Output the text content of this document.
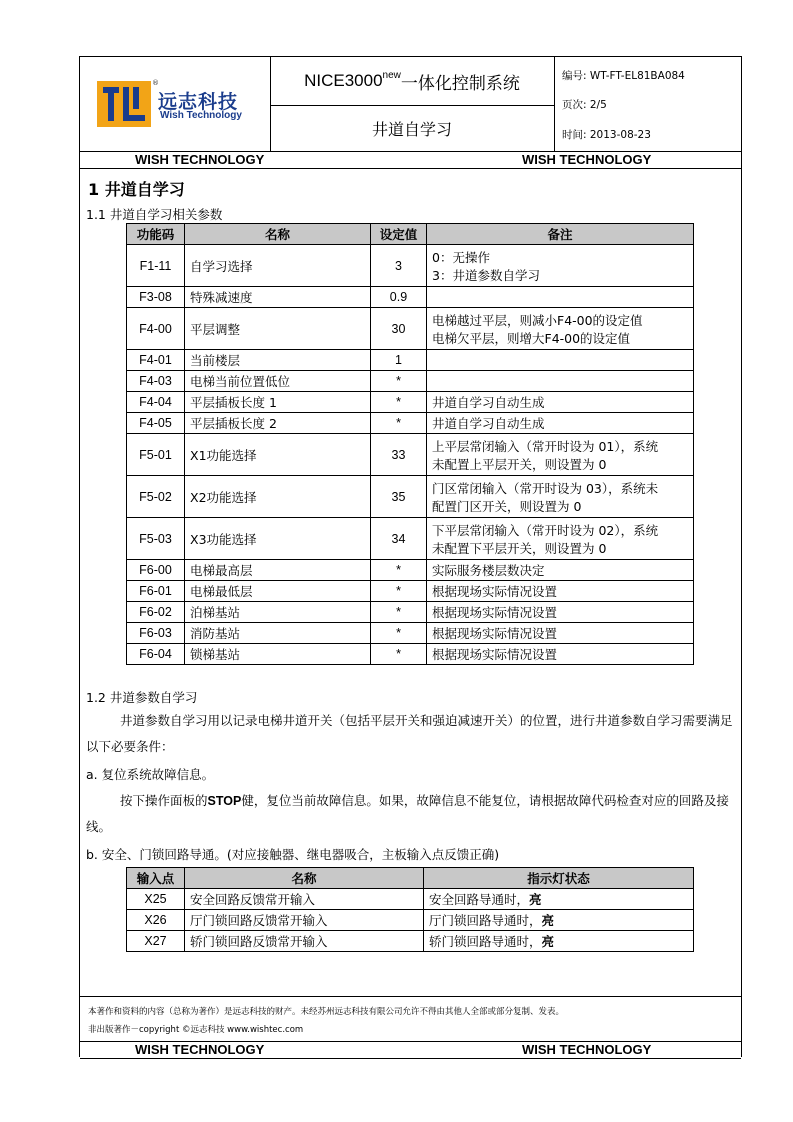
®
远志科技
Wish Technology
$NICE3000^{new}$ 一体化控制系统
井道自学习
编号: WT-FT-EL81BA084
页次: 2/5
时间: 2013-08-23
WISH TECHNOLOGY	WISH TECHNOLOGY
1 井道自学习
1.1 井道自学习相关参数
功能码	名称	设定值	备注
F1-11	自学习选择	3	0：无操作
3：井道参数自学习

F3-08	特殊减速度	0.9	
F4-00	平层调整	30	电梯越过平层，则减小F4-00的设定值
电梯欠平层，则增大F4-00的设定值

F4-01	当前楼层	1	
F4-03	电梯当前位置低位	*	
F4-04	平层插板长度 1	*	井道自学习自动生成
F4-05	平层插板长度 2	*	井道自学习自动生成
F5-01	X1功能选择	33	上平层常闭输入（常开时设为 01），系统
未配置上平层开关，则设置为 0

F5-02	X2功能选择	35	门区常闭输入（常开时设为 03），系统未
配置门区开关，则设置为 0

F5-03	X3功能选择	34	下平层常闭输入（常开时设为 02），系统
未配置下平层开关，则设置为 0

F6-00	电梯最高层	*	实际服务楼层数决定
F6-01	电梯最低层	*	根据现场实际情况设置
F6-02	泊梯基站	*	根据现场实际情况设置
F6-03	消防基站	*	根据现场实际情况设置
F6-04	锁梯基站	*	根据现场实际情况设置
1.2 井道参数自学习
井道参数自学习用以记录电梯井道开关（包括平层开关和强迫减速开关）的位置，进行井道参数自学习需要满足以下必要条件：
a. 复位系统故障信息。
按下操作面板的STOP健，复位当前故障信息。如果，故障信息不能复位，请根据故障代码检查对应的回路及接线。
b. 安全、门锁回路导通。(对应接触器、继电器吸合，主板输入点反馈正确)
输入点	名称	指示灯状态
X25	安全回路反馈常开输入	安全回路导通时，亮
X26	厅门锁回路反馈常开输入	厅门锁回路导通时，亮
X27	轿门锁回路反馈常开输入	轿门锁回路导通时，亮
本著作和资料的内容（总称为著作）是远志科技的财产。未经苏州远志科技有限公司允许不得由其他人全部或部分复制、发表。
非出版著作－copyright ©远志科技 www.wishtec.com
WISH TECHNOLOGY	WISH TECHNOLOGY
